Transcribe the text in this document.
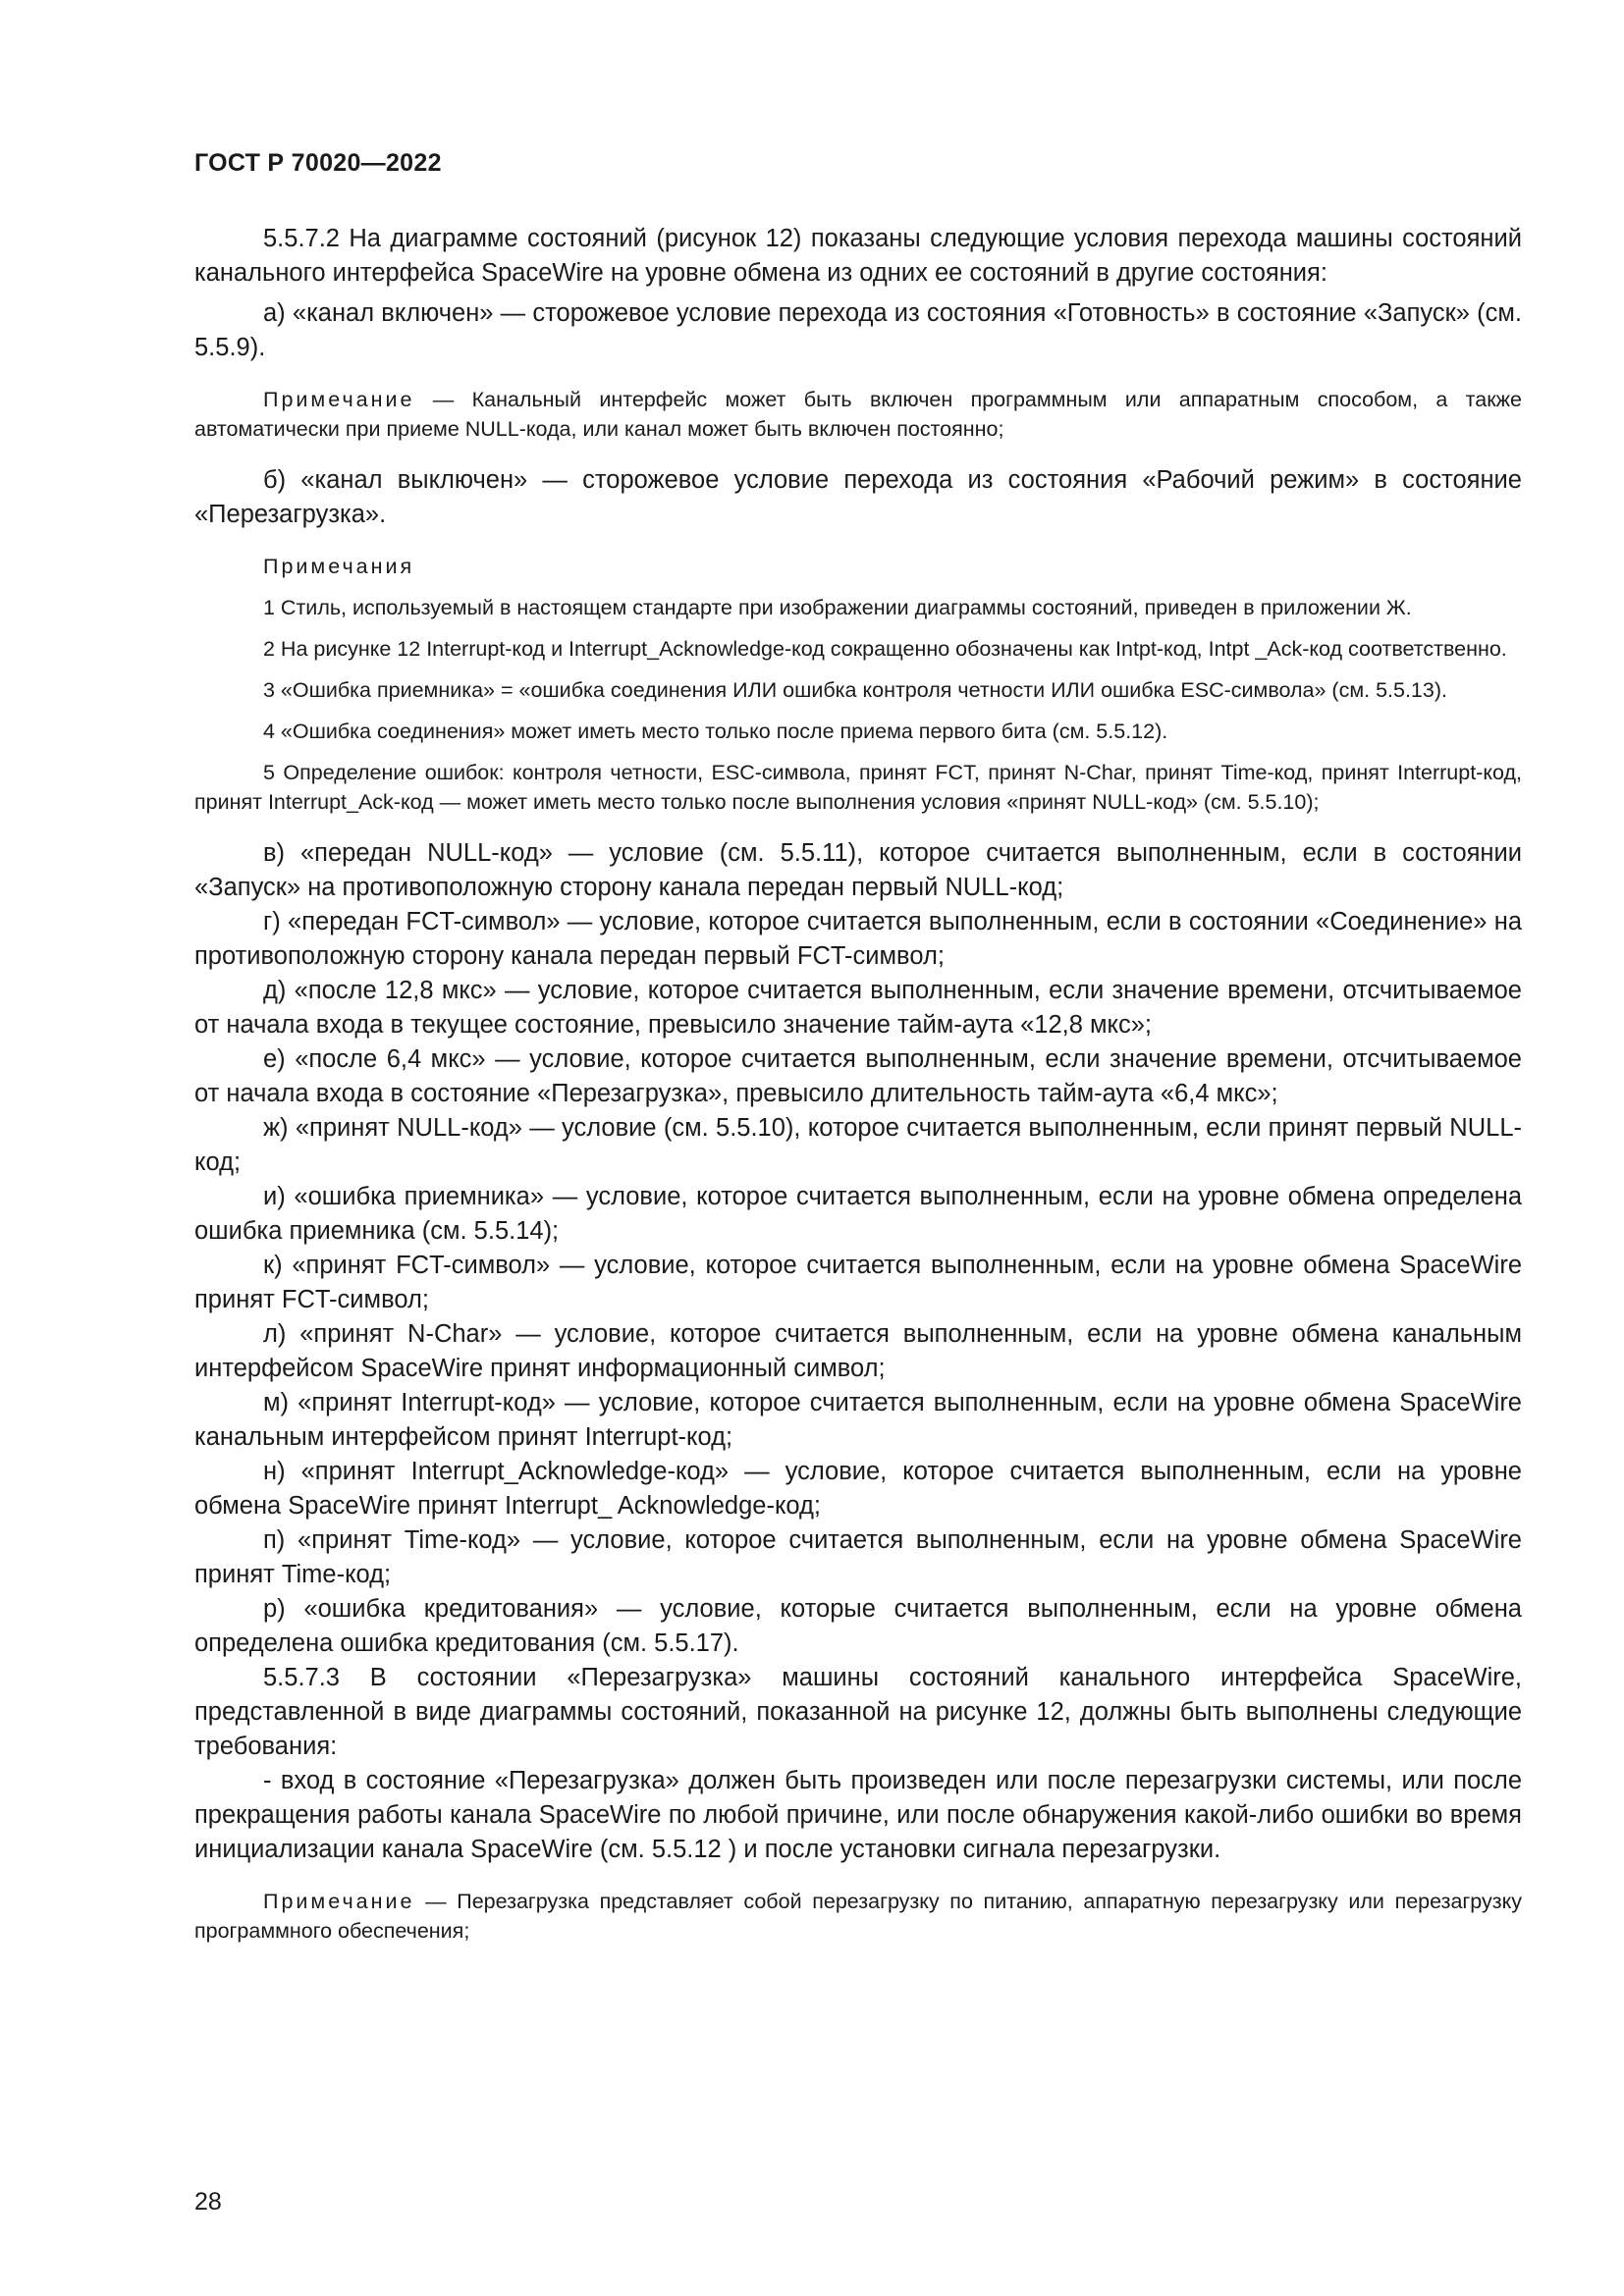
ГОСТ Р 70020—2022

5.5.7.2 На диаграмме состояний (рисунок 12) показаны следующие условия перехода машины состояний канального интерфейса SpaceWire на уровне обмена из одних ее состояний в другие состояния:

а) «канал включен» — сторожевое условие перехода из состояния «Готовность» в состояние «Запуск» (см. 5.5.9).

Примечание — Канальный интерфейс может быть включен программным или аппаратным способом, а также автоматически при приеме NULL-кода, или канал может быть включен постоянно;

б) «канал выключен» — сторожевое условие перехода из состояния «Рабочий режим» в состояние «Перезагрузка».

Примечания

1 Стиль, используемый в настоящем стандарте при изображении диаграммы состояний, приведен в приложении Ж.

2 На рисунке 12 Interrupt-код и Interrupt_Acknowledge-код сокращенно обозначены как Intpt-код, Intpt _Ack-код соответственно.

3 «Ошибка приемника» = «ошибка соединения ИЛИ ошибка контроля четности ИЛИ ошибка ESC-символа» (см. 5.5.13).

4 «Ошибка соединения» может иметь место только после приема первого бита (см. 5.5.12).

5 Определение ошибок: контроля четности, ESC-символа, принят FCT, принят N-Char, принят Time-код, принят Interrupt-код, принят Interrupt_Ack-код — может иметь место только после выполнения условия «принят NULL-код» (см. 5.5.10);

в) «передан NULL-код» — условие (см. 5.5.11), которое считается выполненным, если в состоянии «Запуск» на противоположную сторону канала передан первый NULL-код;

г) «передан FCT-символ» — условие, которое считается выполненным, если в состоянии «Соединение» на противоположную сторону канала передан первый FCT-символ;

д) «после 12,8 мкс» — условие, которое считается выполненным, если значение времени, отсчитываемое от начала входа в текущее состояние, превысило значение тайм-аута «12,8 мкс»;

е) «после 6,4 мкс» — условие, которое считается выполненным, если значение времени, отсчитываемое от начала входа в состояние «Перезагрузка», превысило длительность тайм-аута «6,4 мкс»;

ж) «принят NULL-код» — условие (см. 5.5.10), которое считается выполненным, если принят первый NULL-код;

и) «ошибка приемника» — условие, которое считается выполненным, если на уровне обмена определена ошибка приемника (см. 5.5.14);

к) «принят FCT-символ» — условие, которое считается выполненным, если на уровне обмена SpaceWire принят FCT-символ;

л) «принят N-Char» — условие, которое считается выполненным, если на уровне обмена канальным интерфейсом SpaceWire принят информационный символ;

м) «принят Interrupt-код» — условие, которое считается выполненным, если на уровне обмена SpaceWire канальным интерфейсом принят Interrupt-код;

н) «принят Interrupt_Acknowledge-код» — условие, которое считается выполненным, если на уровне обмена SpaceWire принят Interrupt_ Acknowledge-код;

п) «принят Time-код» — условие, которое считается выполненным, если на уровне обмена SpaceWire принят Time-код;

р) «ошибка кредитования» — условие, которые считается выполненным, если на уровне обмена определена ошибка кредитования (см. 5.5.17).

5.5.7.3 В состоянии «Перезагрузка» машины состояний канального интерфейса SpaceWire, представленной в виде диаграммы состояний, показанной на рисунке 12, должны быть выполнены следующие требования:

- вход в состояние «Перезагрузка» должен быть произведен или после перезагрузки системы, или после прекращения работы канала SpaceWire по любой причине, или после обнаружения какой-либо ошибки во время инициализации канала SpaceWire (см. 5.5.12 ) и после установки сигнала перезагрузки.

Примечание — Перезагрузка представляет собой перезагрузку по питанию, аппаратную перезагрузку или перезагрузку программного обеспечения;

28
